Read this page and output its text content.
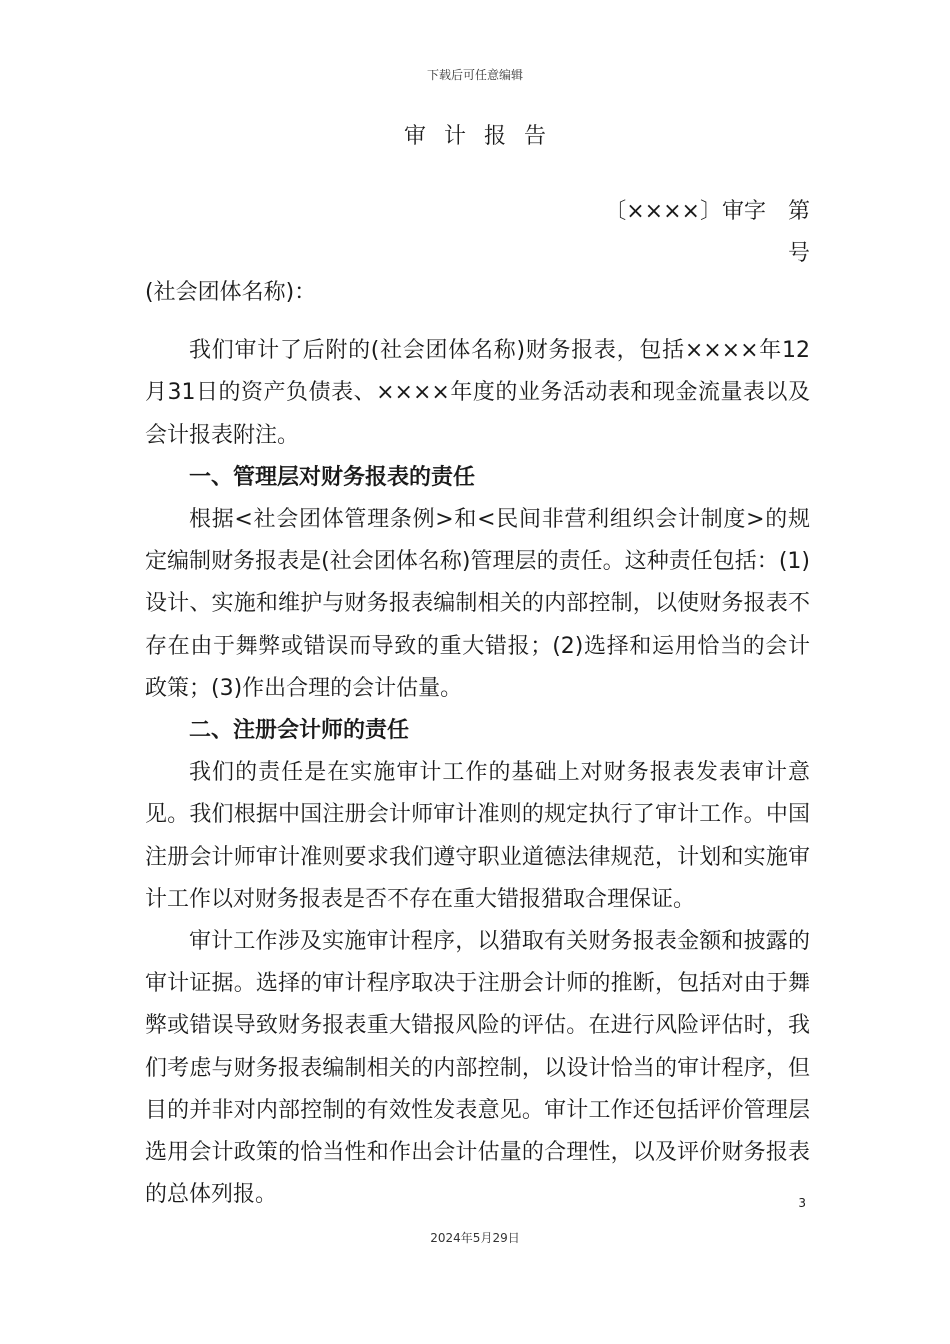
下载后可任意编辑
审计报告
〔××××〕审字　第
号

(社会团体名称)：

我们审计了后附的(社会团体名称)财务报表，包括××××年12月31日的资产负债表、××××年度的业务活动表和现金流量表以及会计报表附注。

一、管理层对财务报表的责任

根据<社会团体管理条例>和<民间非营利组织会计制度>的规定编制财务报表是(社会团体名称)管理层的责任。这种责任包括：(1)设计、实施和维护与财务报表编制相关的内部控制，以使财务报表不存在由于舞弊或错误而导致的重大错报；(2)选择和运用恰当的会计政策；(3)作出合理的会计估量。

二、注册会计师的责任

我们的责任是在实施审计工作的基础上对财务报表发表审计意见。我们根据中国注册会计师审计准则的规定执行了审计工作。中国注册会计师审计准则要求我们遵守职业道德法律规范，计划和实施审计工作以对财务报表是否不存在重大错报猎取合理保证。

审计工作涉及实施审计程序，以猎取有关财务报表金额和披露的审计证据。选择的审计程序取决于注册会计师的推断，包括对由于舞弊或错误导致财务报表重大错报风险的评估。在进行风险评估时，我们考虑与财务报表编制相关的内部控制，以设计恰当的审计程序，但目的并非对内部控制的有效性发表意见。审计工作还包括评价管理层选用会计政策的恰当性和作出会计估量的合理性，以及评价财务报表的总体列报。	3
2024年5月29日
